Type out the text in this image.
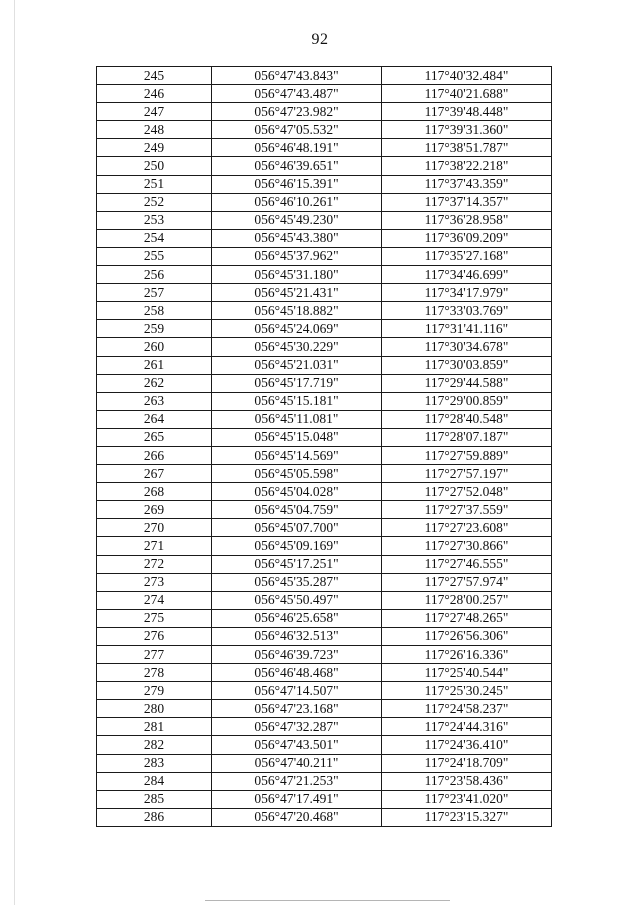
92
245	056°47'43.843"	117°40'32.484"
246	056°47'43.487"	117°40'21.688"
247	056°47'23.982"	117°39'48.448"
248	056°47'05.532"	117°39'31.360"
249	056°46'48.191"	117°38'51.787"
250	056°46'39.651"	117°38'22.218"
251	056°46'15.391"	117°37'43.359"
252	056°46'10.261"	117°37'14.357"
253	056°45'49.230"	117°36'28.958"
254	056°45'43.380"	117°36'09.209"
255	056°45'37.962"	117°35'27.168"
256	056°45'31.180"	117°34'46.699"
257	056°45'21.431"	117°34'17.979"
258	056°45'18.882"	117°33'03.769"
259	056°45'24.069"	117°31'41.116"
260	056°45'30.229"	117°30'34.678"
261	056°45'21.031"	117°30'03.859"
262	056°45'17.719"	117°29'44.588"
263	056°45'15.181"	117°29'00.859"
264	056°45'11.081"	117°28'40.548"
265	056°45'15.048"	117°28'07.187"
266	056°45'14.569"	117°27'59.889"
267	056°45'05.598"	117°27'57.197"
268	056°45'04.028"	117°27'52.048"
269	056°45'04.759"	117°27'37.559"
270	056°45'07.700"	117°27'23.608"
271	056°45'09.169"	117°27'30.866"
272	056°45'17.251"	117°27'46.555"
273	056°45'35.287"	117°27'57.974"
274	056°45'50.497"	117°28'00.257"
275	056°46'25.658"	117°27'48.265"
276	056°46'32.513"	117°26'56.306"
277	056°46'39.723"	117°26'16.336"
278	056°46'48.468"	117°25'40.544"
279	056°47'14.507"	117°25'30.245"
280	056°47'23.168"	117°24'58.237"
281	056°47'32.287"	117°24'44.316"
282	056°47'43.501"	117°24'36.410"
283	056°47'40.211"	117°24'18.709"
284	056°47'21.253"	117°23'58.436"
285	056°47'17.491"	117°23'41.020"
286	056°47'20.468"	117°23'15.327"
